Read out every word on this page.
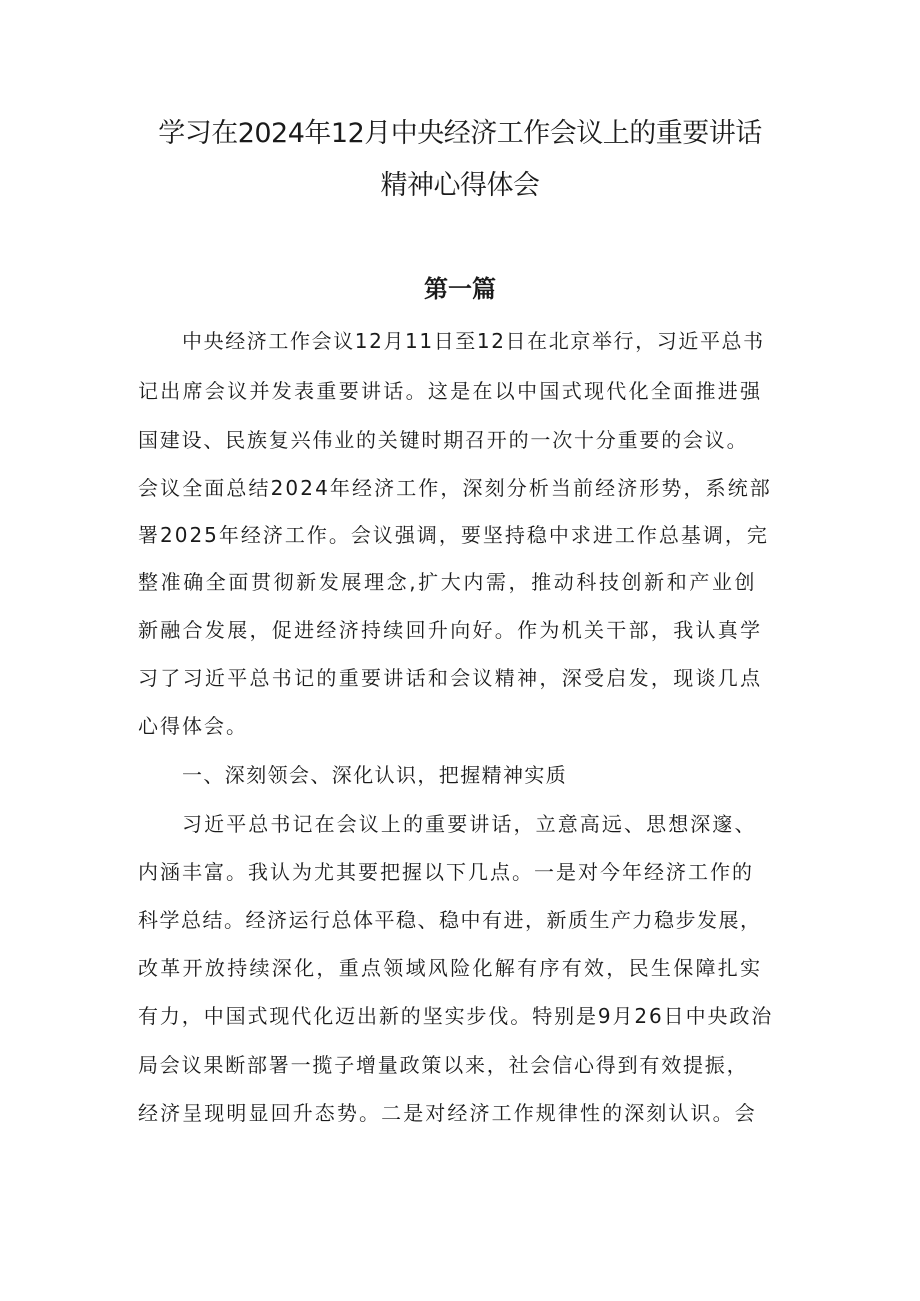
学习在2024年12月中央经济工作会议上的重要讲话
精神心得体会
第一篇

中央经济工作会议12月11日至12日在北京举行，习近平总书

记出席会议并发表重要讲话。这是在以中国式现代化全面推进强

国建设、民族复兴伟业的关键时期召开的一次十分重要的会议。

会议全面总结2024年经济工作，深刻分析当前经济形势，系统部

署2025年经济工作。会议强调，要坚持稳中求进工作总基调，完

整准确全面贯彻新发展理念,扩大内需，推动科技创新和产业创

新融合发展，促进经济持续回升向好。作为机关干部，我认真学

习了习近平总书记的重要讲话和会议精神，深受启发，现谈几点

心得体会。

一、深刻领会、深化认识，把握精神实质

习近平总书记在会议上的重要讲话，立意高远、思想深邃、

内涵丰富。我认为尤其要把握以下几点。一是对今年经济工作的

科学总结。经济运行总体平稳、稳中有进，新质生产力稳步发展，

改革开放持续深化，重点领域风险化解有序有效，民生保障扎实

有力，中国式现代化迈出新的坚实步伐。特别是9月26日中央政治

局会议果断部署一揽子增量政策以来，社会信心得到有效提振，

经济呈现明显回升态势。二是对经济工作规律性的深刻认识。会
